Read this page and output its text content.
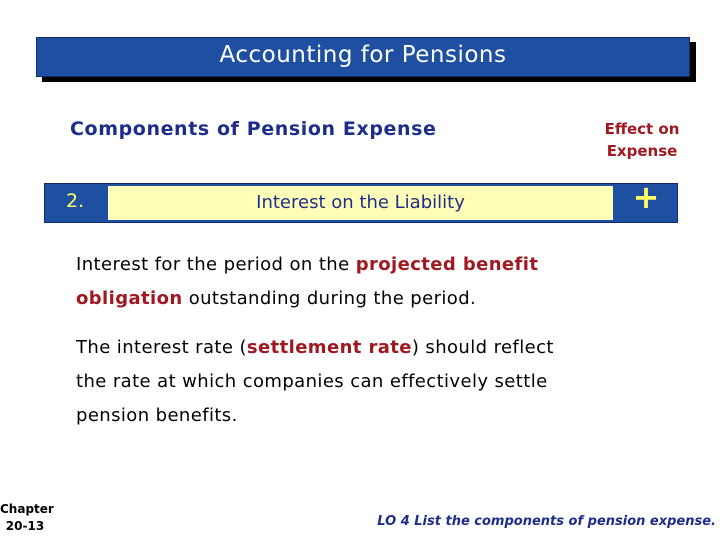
Accounting for Pensions
Components of Pension Expense	Effect on
Expense
2.	Interest on the Liability	+

Interest for the period on the projected benefit
obligation outstanding during the period.

The interest rate (settlement rate) should reflect
the rate at which companies can effectively settle
pension benefits.

Chapter
20-13	LO 4 List the components of pension expense.
